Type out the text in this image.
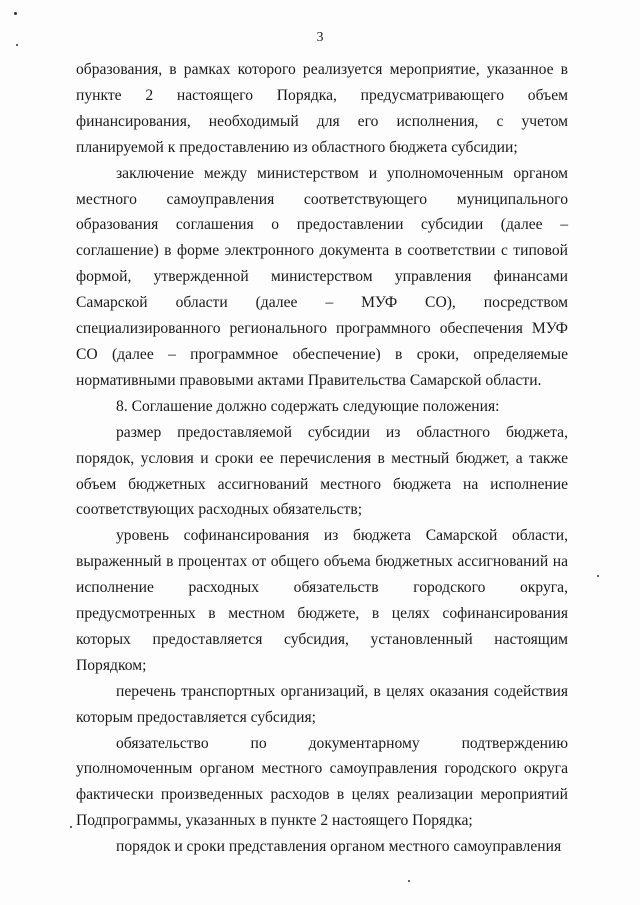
3

образования, в рамках которого реализуется мероприятие, указанное в пункте 2 настоящего Порядка, предусматривающего объем финансирования, необходимый для его исполнения, с учетом планируемой к предоставлению из областного бюджета субсидии;

заключение между министерством и уполномоченным органом местного самоуправления соответствующего муниципального образования соглашения о предоставлении субсидии (далее – соглашение) в форме электронного документа в соответствии с типовой формой, утвержденной министерством управления финансами Самарской области (далее – МУФ СО), посредством специализированного регионального программного обеспечения МУФ СО (далее – программное обеспечение) в сроки, определяемые нормативными правовыми актами Правительства Самарской области.

8. Соглашение должно содержать следующие положения:

размер предоставляемой субсидии из областного бюджета, порядок, условия и сроки ее перечисления в местный бюджет, а также объем бюджетных ассигнований местного бюджета на исполнение соответствующих расходных обязательств;

уровень софинансирования из бюджета Самарской области, выраженный в процентах от общего объема бюджетных ассигнований на исполнение расходных обязательств городского округа, предусмотренных в местном бюджете, в целях софинансирования которых предоставляется субсидия, установленный настоящим Порядком;

перечень транспортных организаций, в целях оказания содействия которым предоставляется субсидия;

обязательство по документарному подтверждению уполномоченным органом местного самоуправления городского округа фактически произведенных расходов в целях реализации мероприятий Подпрограммы, указанных в пункте 2 настоящего Порядка;

порядок и сроки представления органом местного самоуправления
